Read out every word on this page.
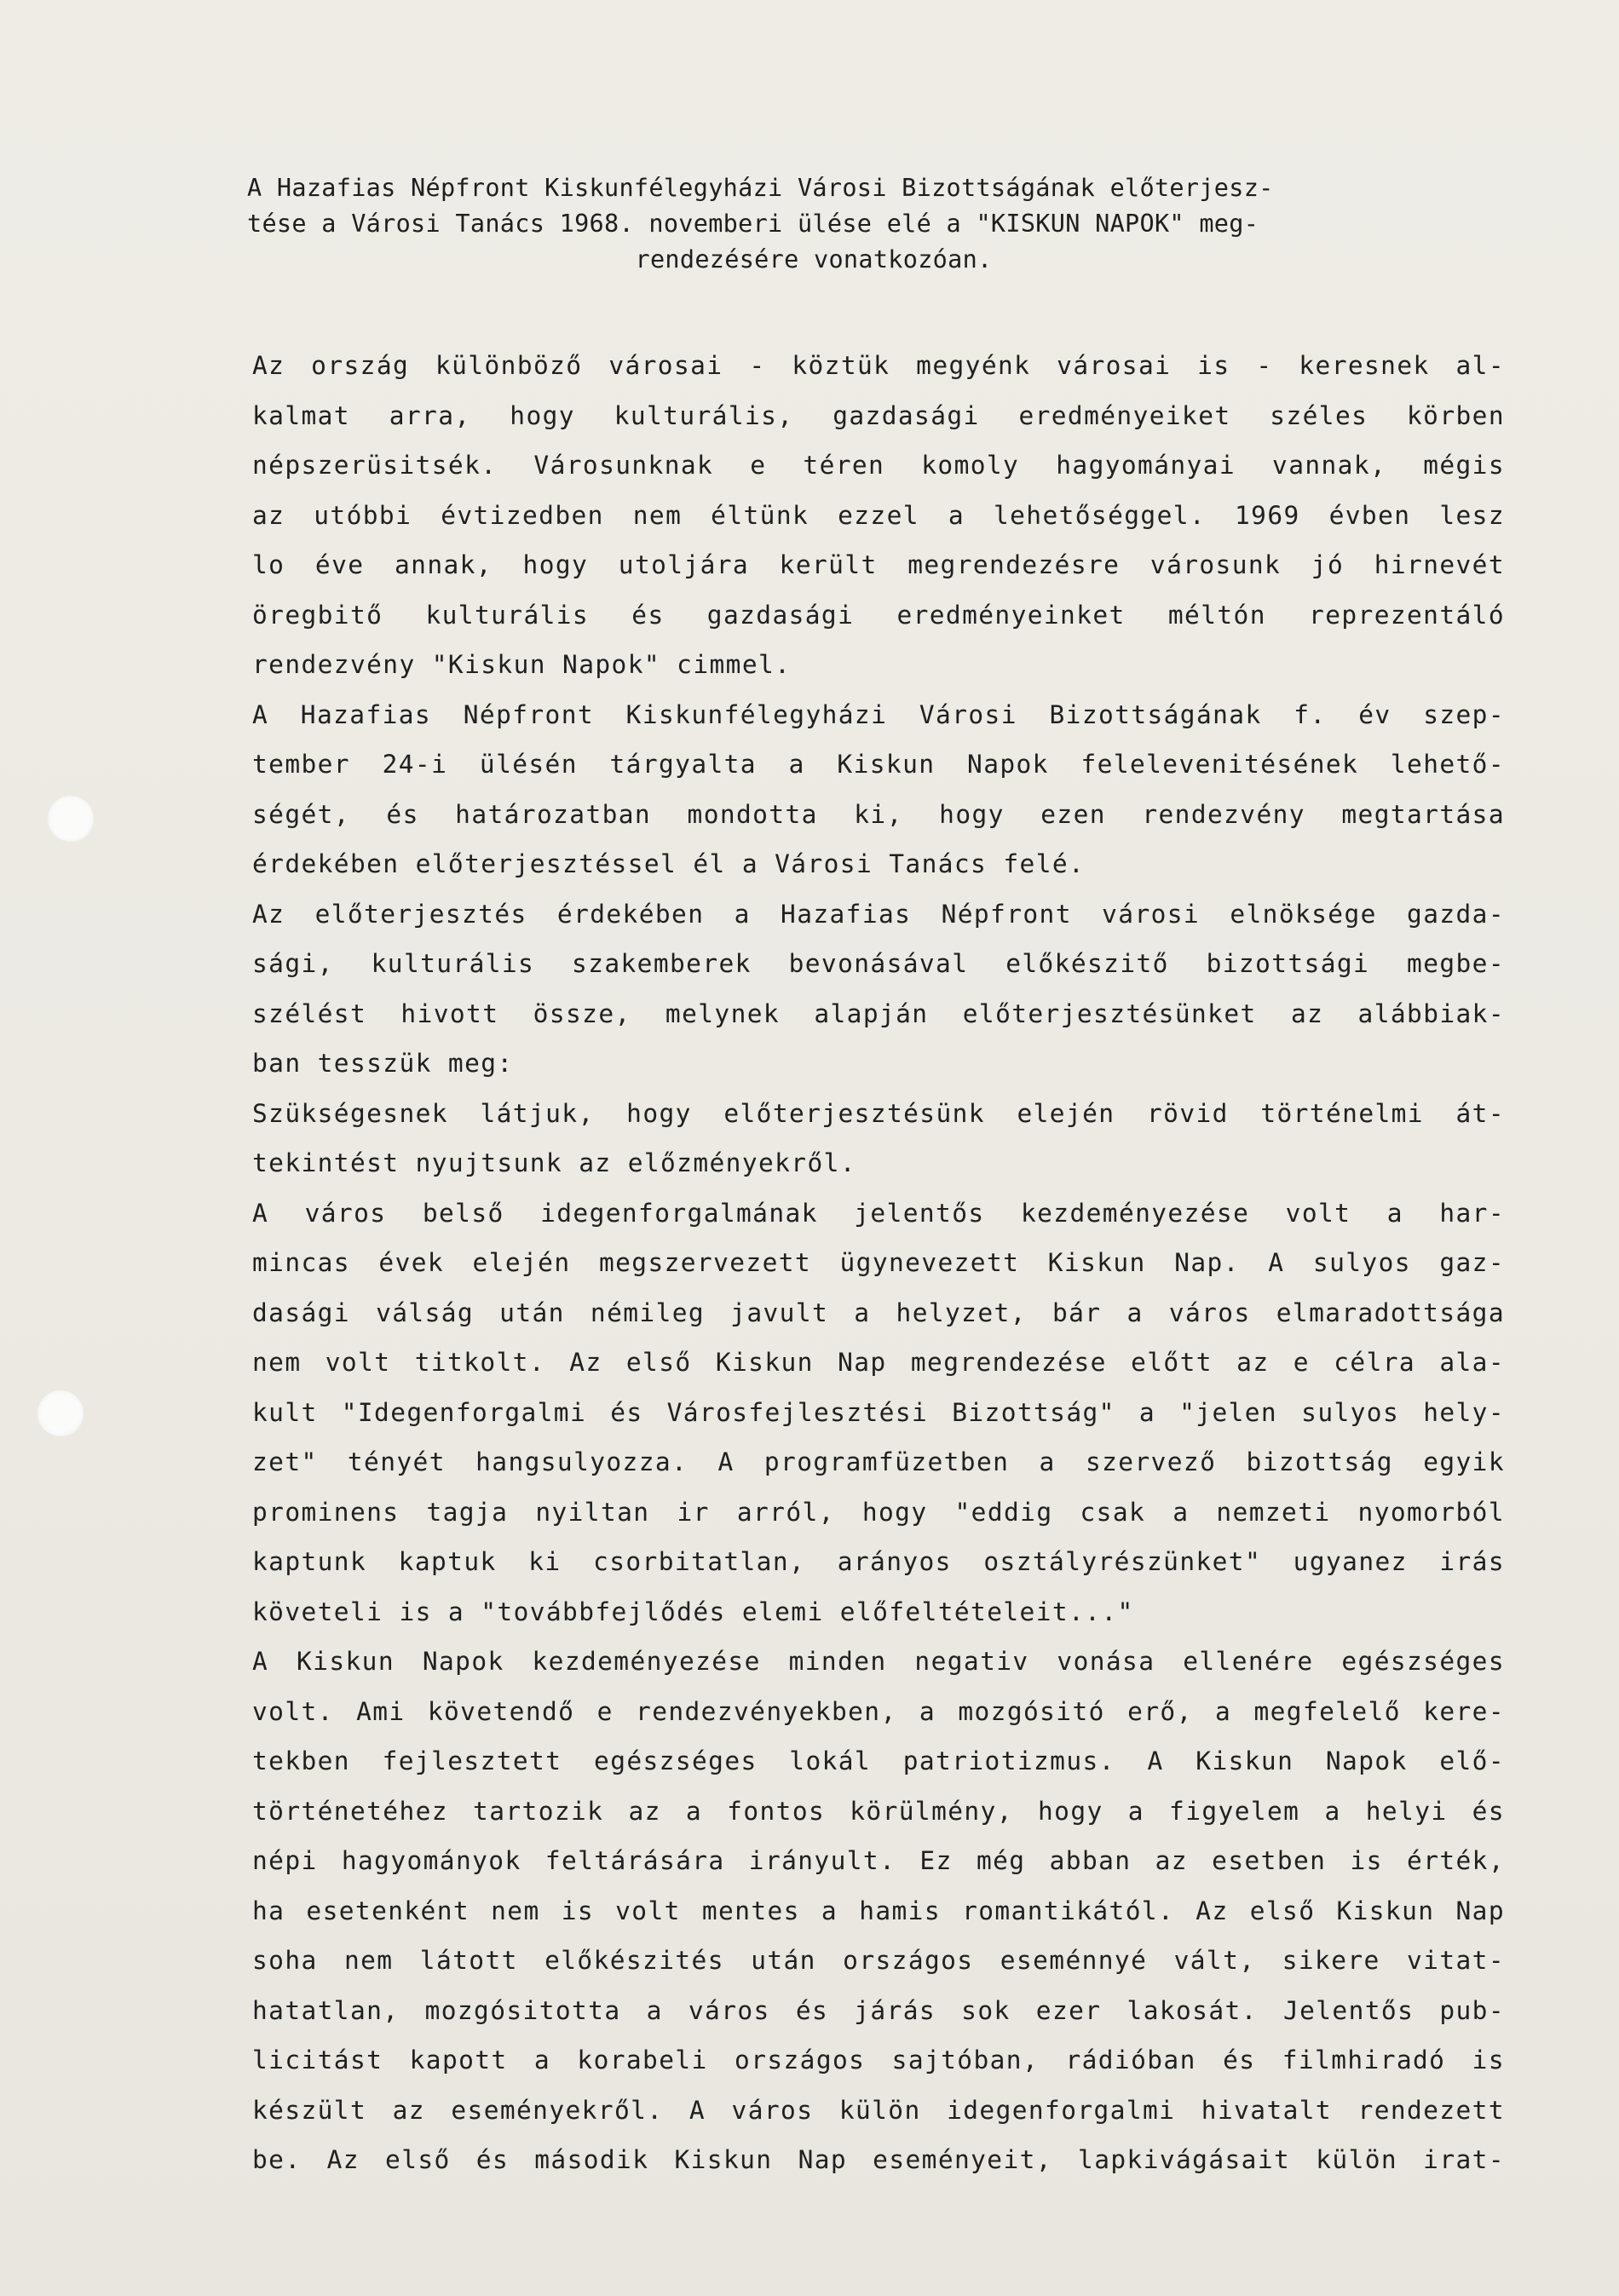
A Hazafias Népfront Kiskunfélegyházi Városi Bizottságának előterjesz-
tése a Városi Tanács 1968. novemberi ülése elé a "KISKUN NAPOK" meg-
rendezésére vonatkozóan.
Az ország különböző városai - köztük megyénk városai is - keresnek al-
kalmat arra, hogy kulturális, gazdasági eredményeiket széles körben
népszerüsitsék. Városunknak e téren komoly hagyományai vannak, mégis
az utóbbi évtizedben nem éltünk ezzel a lehetőséggel. 1969 évben lesz
lo éve annak, hogy utoljára került megrendezésre városunk jó hirnevét
öregbitő kulturális és gazdasági eredményeinket méltón reprezentáló
rendezvény "Kiskun Napok" cimmel.
A Hazafias Népfront Kiskunfélegyházi Városi Bizottságának f. év szep-
tember 24-i ülésén tárgyalta a Kiskun Napok felelevenitésének lehető-
ségét, és határozatban mondotta ki, hogy ezen rendezvény megtartása
érdekében előterjesztéssel él a Városi Tanács felé.
Az előterjesztés érdekében a Hazafias Népfront városi elnöksége gazda-
sági, kulturális szakemberek bevonásával előkészitő bizottsági megbe-
szélést hivott össze, melynek alapján előterjesztésünket az alábbiak-
ban tesszük meg:
Szükségesnek látjuk, hogy előterjesztésünk elején rövid történelmi át-
tekintést nyujtsunk az előzményekről.
A város belső idegenforgalmának jelentős kezdeményezése volt a har-
mincas évek elején megszervezett ügynevezett Kiskun Nap. A sulyos gaz-
dasági válság után némileg javult a helyzet, bár a város elmaradottsága
nem volt titkolt. Az első Kiskun Nap megrendezése előtt az e célra ala-
kult "Idegenforgalmi és Városfejlesztési Bizottság" a "jelen sulyos hely-
zet" tényét hangsulyozza. A programfüzetben a szervező bizottság egyik
prominens tagja nyiltan ir arról, hogy "eddig csak a nemzeti nyomorból
kaptunk kaptuk ki csorbitatlan, arányos osztályrészünket" ugyanez irás
követeli is a "továbbfejlődés elemi előfeltételeit..."
A Kiskun Napok kezdeményezése minden negativ vonása ellenére egészséges
volt. Ami követendő e rendezvényekben, a mozgósitó erő, a megfelelő kere-
tekben fejlesztett egészséges lokál patriotizmus. A Kiskun Napok elő-
történetéhez tartozik az a fontos körülmény, hogy a figyelem a helyi és
népi hagyományok feltárására irányult. Ez még abban az esetben is érték,
ha esetenként nem is volt mentes a hamis romantikától. Az első Kiskun Nap
soha nem látott előkészités után országos eseménnyé vált, sikere vitat-
hatatlan, mozgósitotta a város és járás sok ezer lakosát. Jelentős pub-
licitást kapott a korabeli országos sajtóban, rádióban és filmhiradó is
készült az eseményekről. A város külön idegenforgalmi hivatalt rendezett
be. Az első és második Kiskun Nap eseményeit, lapkivágásait külön irat-
